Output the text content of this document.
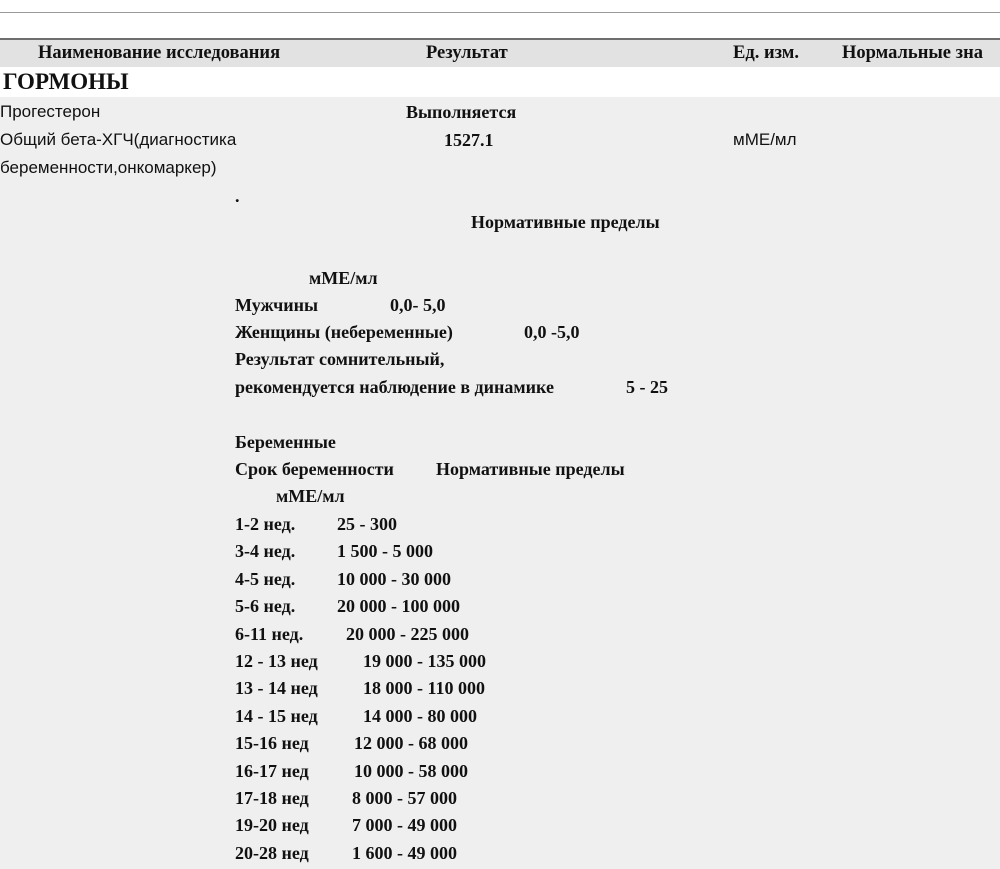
Наименование исследования	Результат	Ед. изм. Нормальные зна
ГОРМОНЫ
Прогестерон	Выполняется
Общий бета-ХГЧ(диагностика
беременности,онкомаркер)
1527.1	мМЕ/мл
.
Нормативные пределы
мМЕ/мл
Мужчины	0,0- 5,0
Женщины (небеременные)	0,0 -5,0
Результат сомнительный,
рекомендуется наблюдение в динамике	5 - 25
Беременные
Срок беременности Нормативные пределы
мМЕ/мл
1-2 нед. 25 - 300
3-4 нед. 1 500 - 5 000
4-5 нед. 10 000 - 30 000
5-6 нед. 20 000 - 100 000
6-11 нед. 20 000 - 225 000
12 - 13 нед	19 000 - 135 000
13 - 14 нед	18 000 - 110 000
14 - 15 нед	14 000 - 80 000
15-16 нед	12 000 - 68 000
16-17 нед	10 000 - 58 000
17-18 нед 8 000 - 57 000
19-20 нед 7 000 - 49 000
20-28 нед 1 600 - 49 000
